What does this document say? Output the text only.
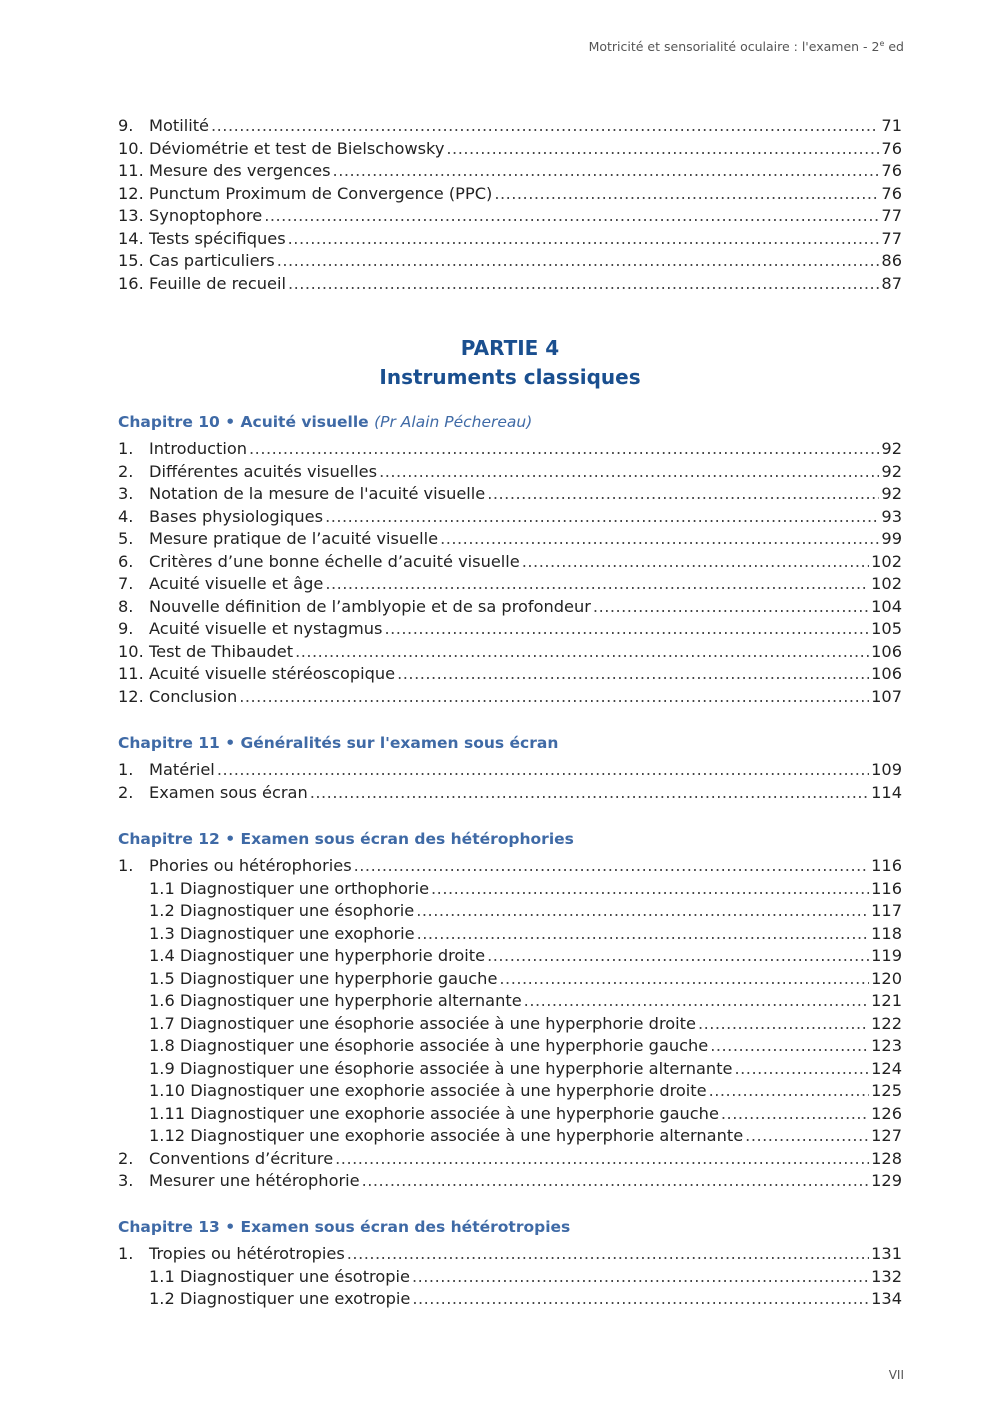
Motricité et sensorialité oculaire : l'examen - 2e ed
9. Motilité .....	71
10. Déviométrie et test de Bielschowsky .....	76
11. Mesure des vergences .....	76
12. Punctum Proximum de Convergence (PPC) .....	76
13. Synoptophore .....	77
14. Tests spécifiques .....	77
15. Cas particuliers .....	86
16. Feuille de recueil .....	87
PARTIE 4
Instruments classiques
Chapitre 10 • Acuité visuelle (Pr Alain Péchereau)
1. Introduction .....	92
2. Différentes acuités visuelles .....	92
3. Notation de la mesure de l'acuité visuelle .....	92
4. Bases physiologiques .....	93
5. Mesure pratique de l’acuité visuelle .....	99
6. Critères d’une bonne échelle d’acuité visuelle .....	102
7. Acuité visuelle et âge .....	102
8. Nouvelle définition de l’amblyopie et de sa profondeur .....	104
9. Acuité visuelle et nystagmus .....	105
10. Test de Thibaudet .....	106
11. Acuité visuelle stéréoscopique .....	106
12. Conclusion .....	107
Chapitre 11 • Généralités sur l'examen sous écran
1. Matériel .....	109
2. Examen sous écran .....	114
Chapitre 12 • Examen sous écran des hétérophories
1. Phories ou hétérophories .....	116
1.1 Diagnostiquer une orthophorie .....	116
1.2 Diagnostiquer une ésophorie .....	117
1.3 Diagnostiquer une exophorie .....	118
1.4 Diagnostiquer une hyperphorie droite .....	119
1.5 Diagnostiquer une hyperphorie gauche .....	120
1.6 Diagnostiquer une hyperphorie alternante .....	121
1.7 Diagnostiquer une ésophorie associée à une hyperphorie droite .....	122
1.8 Diagnostiquer une ésophorie associée à une hyperphorie gauche .....	123
1.9 Diagnostiquer une ésophorie associée à une hyperphorie alternante .....	124
1.10 Diagnostiquer une exophorie associée à une hyperphorie droite .....	125
1.11 Diagnostiquer une exophorie associée à une hyperphorie gauche .....	126
1.12 Diagnostiquer une exophorie associée à une hyperphorie alternante .....	127
2. Conventions d’écriture .....	128
3. Mesurer une hétérophorie .....	129
Chapitre 13 • Examen sous écran des hétérotropies
1. Tropies ou hétérotropies .....	131
1.1 Diagnostiquer une ésotropie .....	132
1.2 Diagnostiquer une exotropie .....	134
VII
